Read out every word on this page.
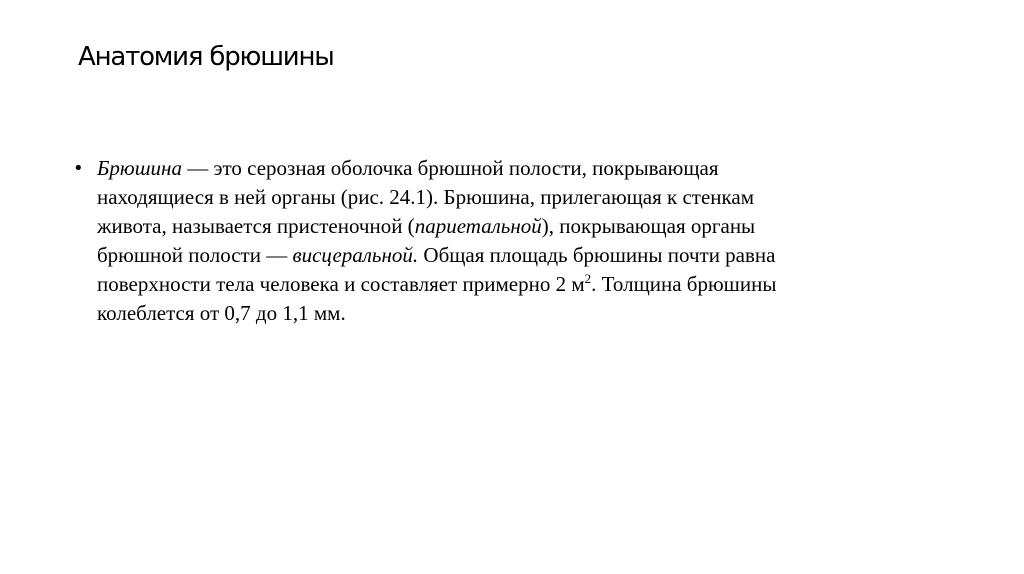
Анатомия брюшины
• Брюшина — это серозная оболочка брюшной полости, покрывающая
находящиеся в ней органы (рис. 24.1). Брюшина, прилегающая к стенкам
живота, называется пристеночной (париетальной), покрывающая органы
брюшной полости — висцеральной. Общая площадь брюшины почти равна
поверхности тела человека и составляет примерно 2 $м^2$. Толщина брюшины
колеблется от 0,7 до 1,1 мм.
